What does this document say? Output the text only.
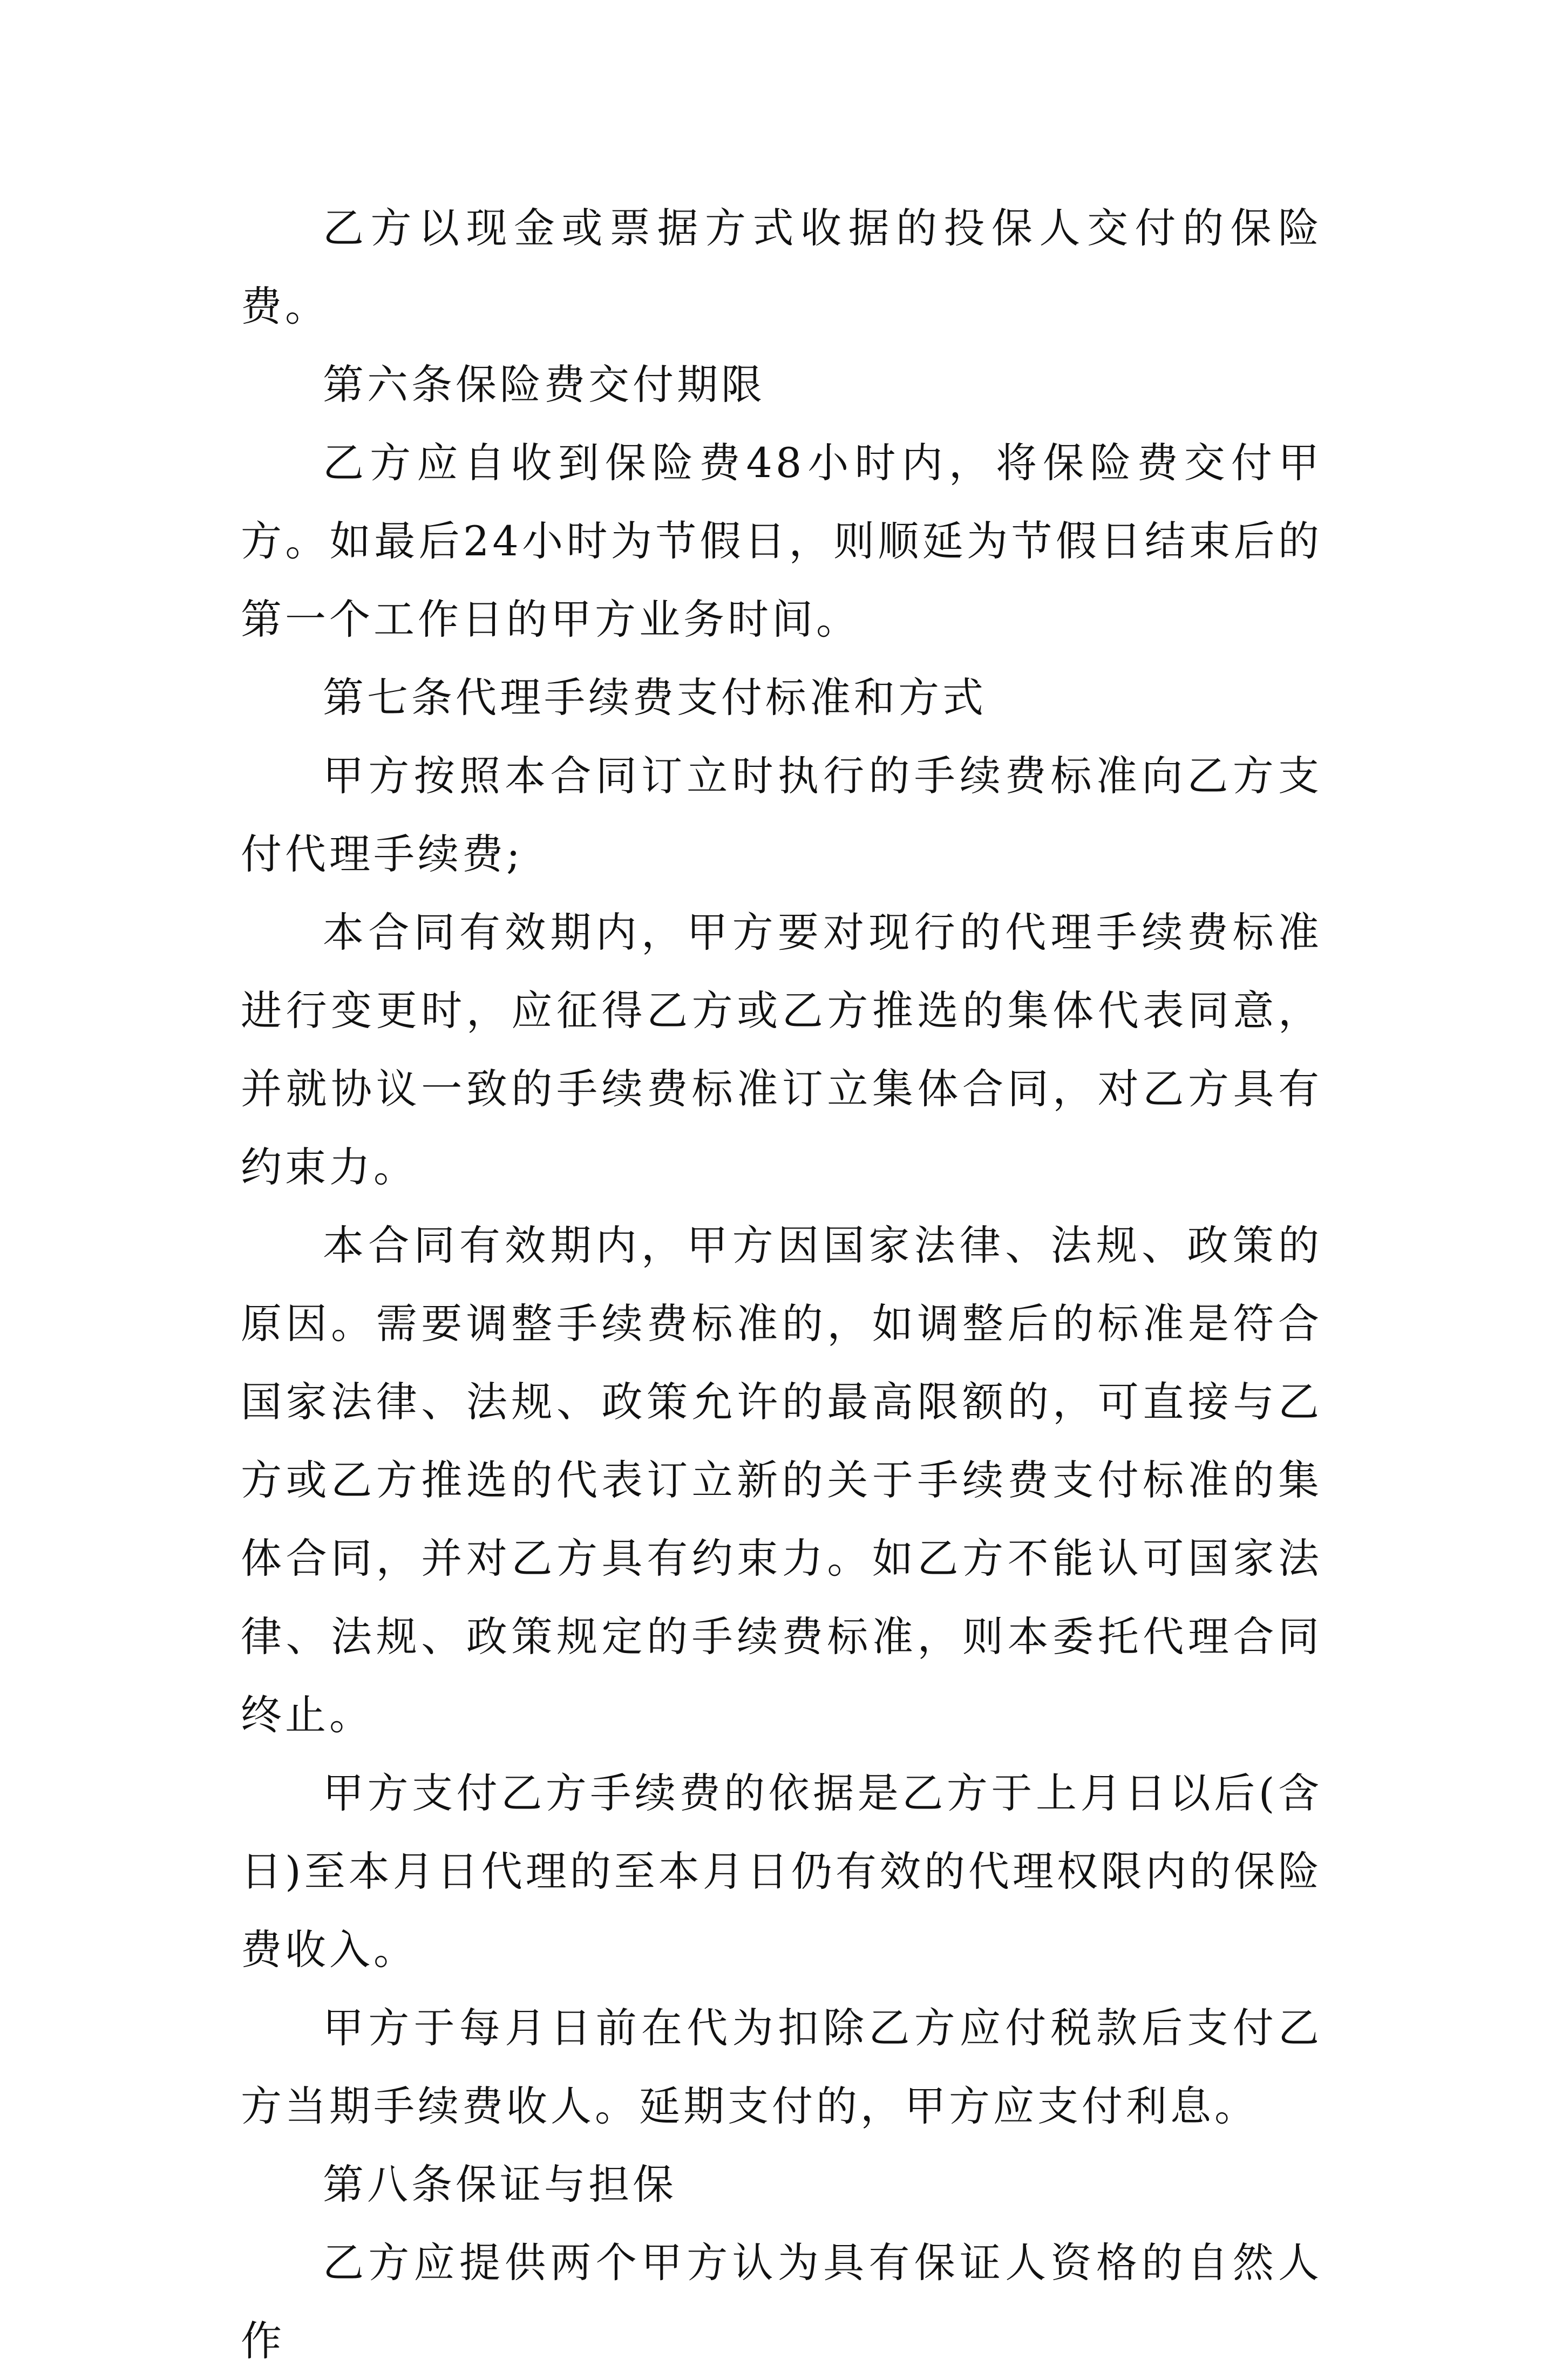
乙方以现金或票据方式收据的投保人交付的保险费。

第六条保险费交付期限

乙方应自收到保险费48小时内，将保险费交付甲方。如最后24小时为节假日，则顺延为节假日结束后的第一个工作日的甲方业务时间。

第七条代理手续费支付标准和方式

甲方按照本合同订立时执行的手续费标准向乙方支付代理手续费;

本合同有效期内，甲方要对现行的代理手续费标准进行变更时，应征得乙方或乙方推选的集体代表同意，并就协议一致的手续费标准订立集体合同，对乙方具有约束力。

本合同有效期内，甲方因国家法律、法规、政策的原因。需要调整手续费标准的，如调整后的标准是符合国家法律、法规、政策允许的最高限额的，可直接与乙方或乙方推选的代表订立新的关于手续费支付标准的集体合同，并对乙方具有约束力。如乙方不能认可国家法律、法规、政策规定的手续费标准，则本委托代理合同终止。

甲方支付乙方手续费的依据是乙方于上月日以后(含日)至本月日代理的至本月日仍有效的代理权限内的保险费收入。

甲方于每月日前在代为扣除乙方应付税款后支付乙方当期手续费收人。延期支付的，甲方应支付利息。

第八条保证与担保

乙方应提供两个甲方认为具有保证人资格的自然人作
